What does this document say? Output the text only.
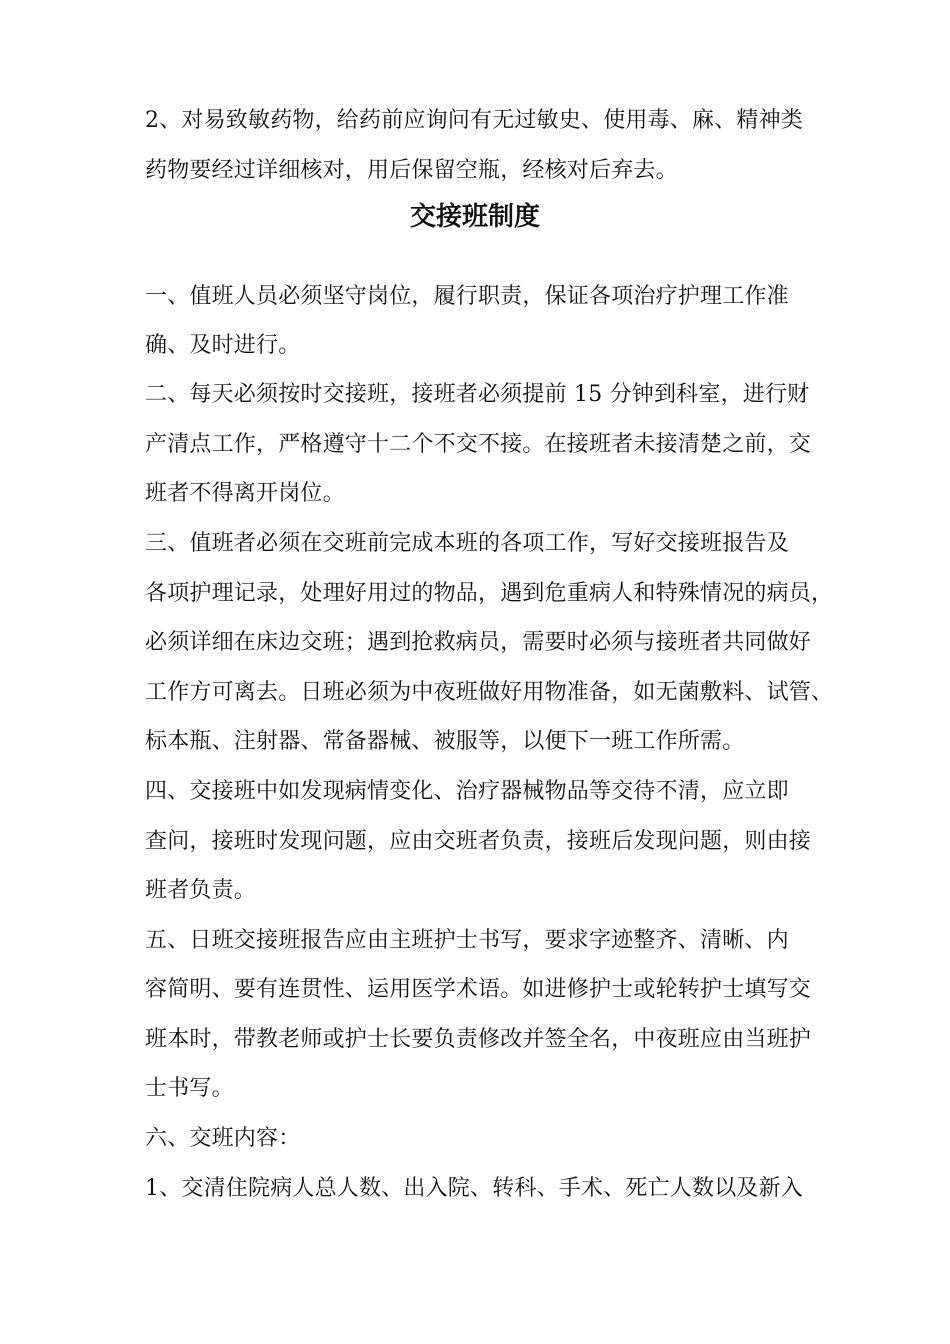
2、对易致敏药物，给药前应询问有无过敏史、使用毒、麻、精神类
药物要经过详细核对，用后保留空瓶，经核对后弃去。
交接班制度
一、值班人员必须坚守岗位，履行职责，保证各项治疗护理工作准
确、及时进行。
二、每天必须按时交接班，接班者必须提前 15 分钟到科室，进行财
产清点工作，严格遵守十二个不交不接。在接班者未接清楚之前，交
班者不得离开岗位。
三、值班者必须在交班前完成本班的各项工作，写好交接班报告及
各项护理记录，处理好用过的物品，遇到危重病人和特殊情况的病员，
必须详细在床边交班；遇到抢救病员，需要时必须与接班者共同做好
工作方可离去。日班必须为中夜班做好用物准备，如无菌敷料、试管、
标本瓶、注射器、常备器械、被服等，以便下一班工作所需。
四、交接班中如发现病情变化、治疗器械物品等交待不清，应立即
查问，接班时发现问题，应由交班者负责，接班后发现问题，则由接
班者负责。
五、日班交接班报告应由主班护士书写，要求字迹整齐、清晰、内
容简明、要有连贯性、运用医学术语。如进修护士或轮转护士填写交
班本时，带教老师或护士长要负责修改并签全名，中夜班应由当班护
士书写。
六、交班内容：
1、交清住院病人总人数、出入院、转科、手术、死亡人数以及新入
